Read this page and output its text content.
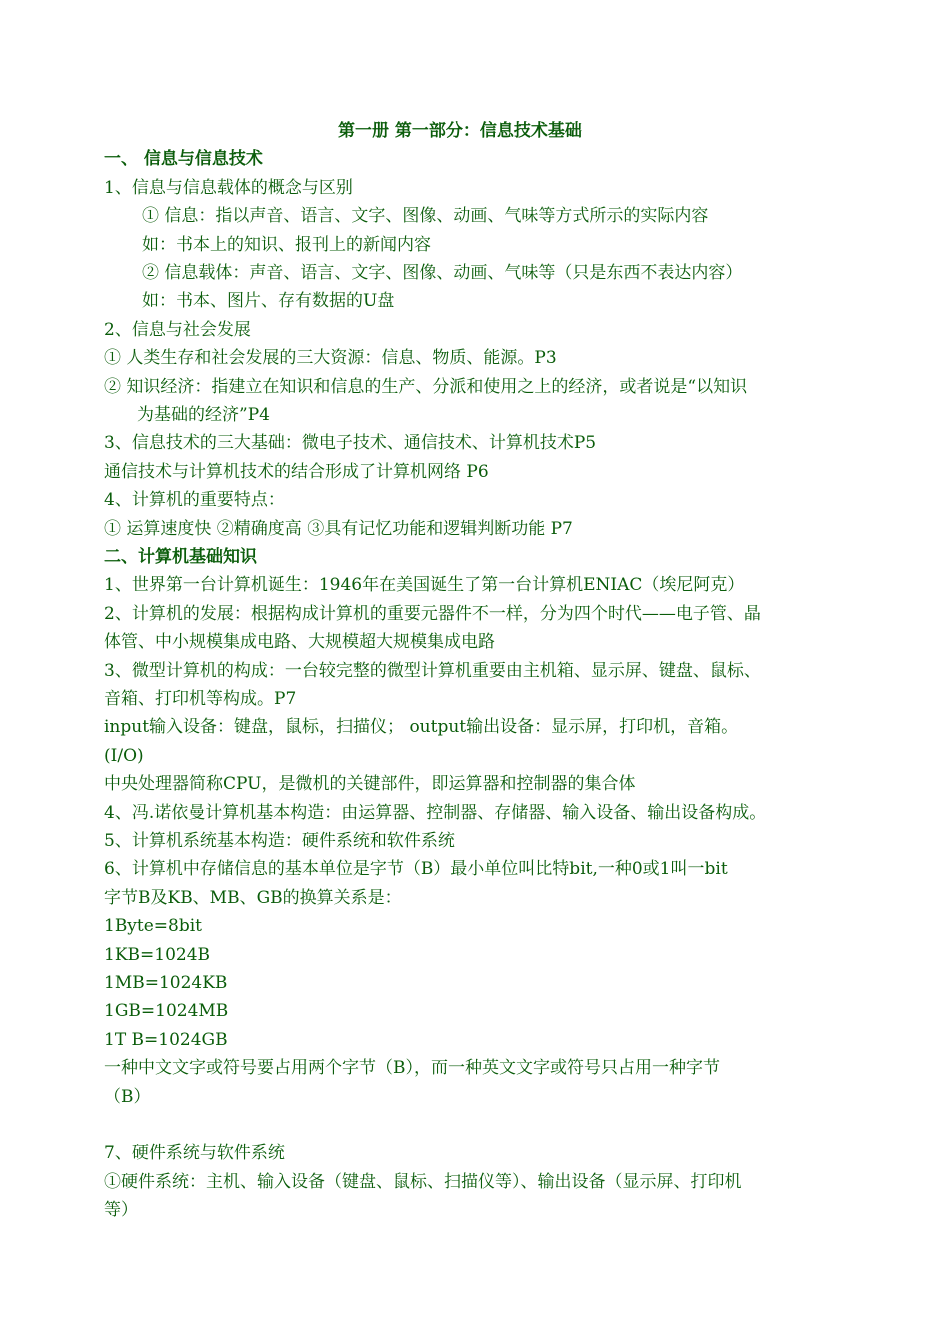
第一册 第一部分：信息技术基础
一、 信息与信息技术
1、信息与信息载体的概念与区别
① 信息：指以声音、语言、文字、图像、动画、气味等方式所示的实际内容
如：书本上的知识、报刊上的新闻内容
② 信息载体：声音、语言、文字、图像、动画、气味等（只是东西不表达内容）
如：书本、图片、存有数据的U盘
2、信息与社会发展
① 人类生存和社会发展的三大资源：信息、物质、能源。P3
② 知识经济：指建立在知识和信息的生产、分派和使用之上的经济，或者说是“以知识
为基础的经济”P4
3、信息技术的三大基础：微电子技术、通信技术、计算机技术P5
通信技术与计算机技术的结合形成了计算机网络 P6
4、计算机的重要特点：
① 运算速度快 ②精确度高 ③具有记忆功能和逻辑判断功能 P7
二、计算机基础知识
1、世界第一台计算机诞生：1946年在美国诞生了第一台计算机ENIAC（埃尼阿克）
2、计算机的发展：根据构成计算机的重要元器件不一样，分为四个时代——电子管、晶
体管、中小规模集成电路、大规模超大规模集成电路
3、微型计算机的构成：一台较完整的微型计算机重要由主机箱、显示屏、键盘、鼠标、
音箱、打印机等构成。P7
input输入设备：键盘，鼠标，扫描仪； output输出设备：显示屏，打印机，音箱。
(I/O)
中央处理器简称CPU，是微机的关键部件，即运算器和控制器的集合体
4、冯.诺依曼计算机基本构造：由运算器、控制器、存储器、输入设备、输出设备构成。
5、计算机系统基本构造：硬件系统和软件系统
6、计算机中存储信息的基本单位是字节（B）最小单位叫比特bit,一种0或1叫一bit
字节B及KB、MB、GB的换算关系是：
1Byte=8bit
1KB=1024B
1MB=1024KB
1GB=1024MB
1T B=1024GB
一种中文文字或符号要占用两个字节（B），而一种英文文字或符号只占用一种字节
（B）
7、硬件系统与软件系统
①硬件系统：主机、输入设备（键盘、鼠标、扫描仪等）、输出设备（显示屏、打印机
等）
